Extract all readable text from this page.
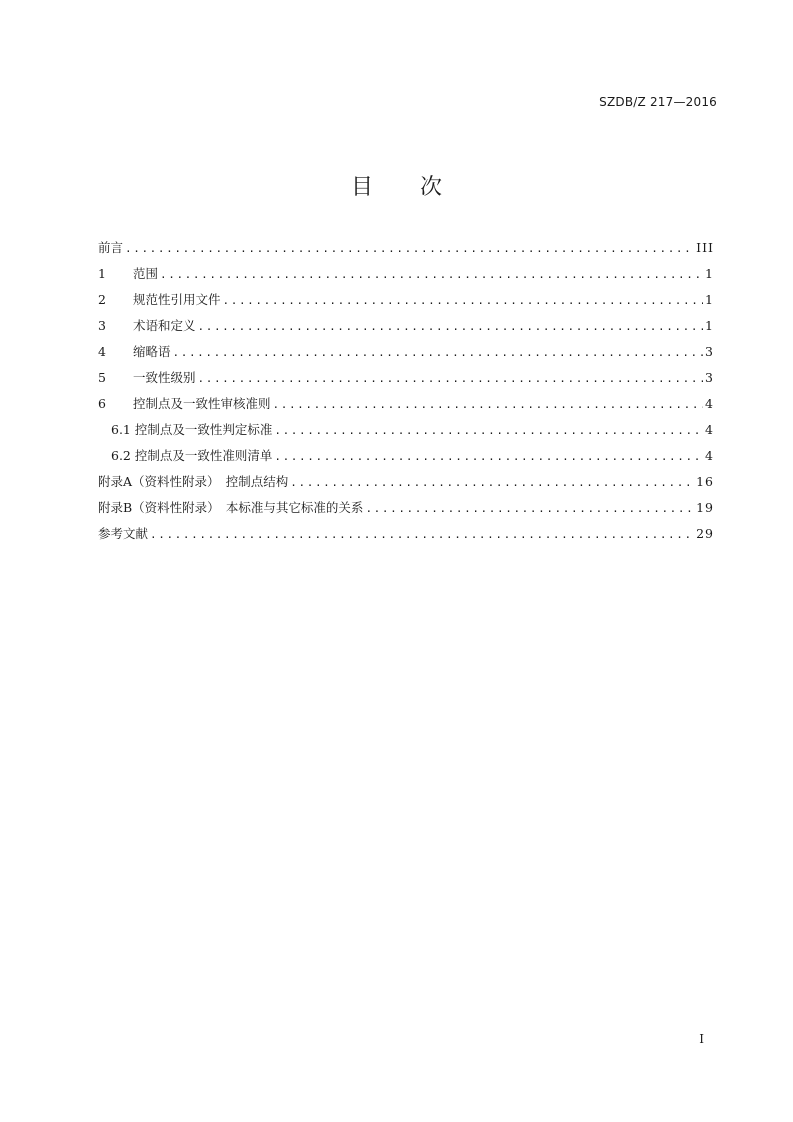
SZDB/Z 217—2016
目 次
前言 .....	III
1 范围 .....	1
2 规范性引用文件 .....	1
3 术语和定义 .....	1
4 缩略语 .....	3
5 一致性级别 .....	3
6 控制点及一致性审核准则 .....	4
6.1 控制点及一致性判定标准 .....	4
6.2 控制点及一致性准则清单 .....	4
附录A（资料性附录）　控制点结构 .....	16
附录B（资料性附录）　本标准与其它标准的关系 .....	19
参考文献 .....	29
I
